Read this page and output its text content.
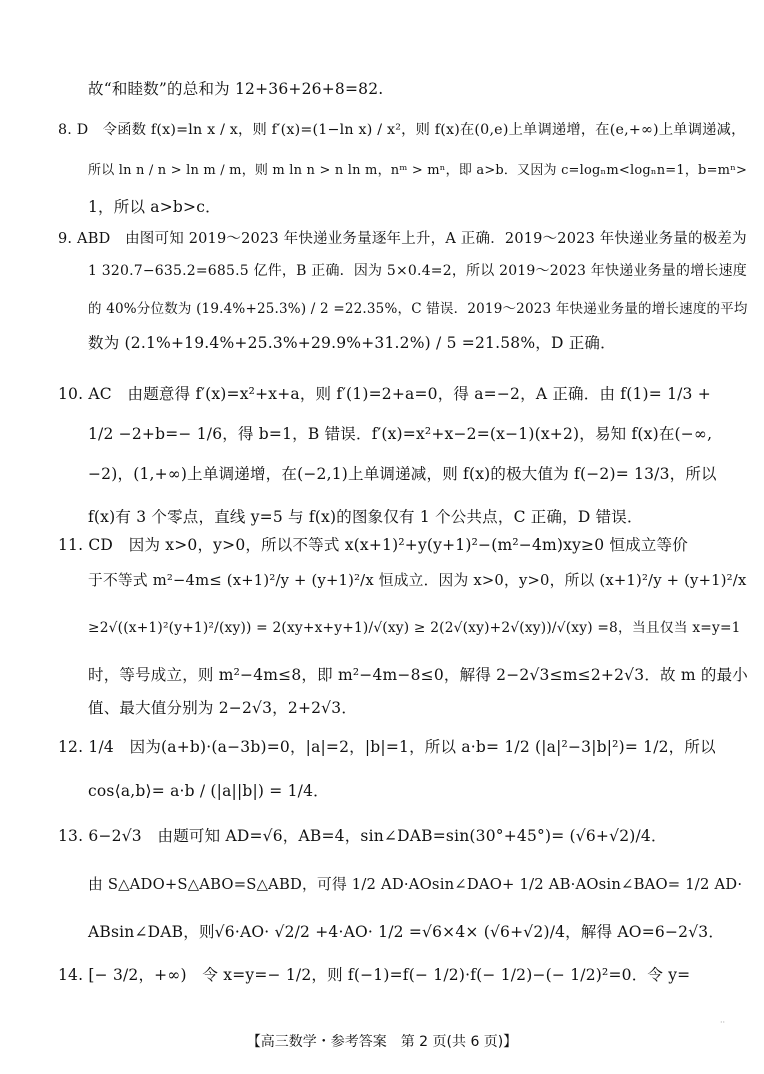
故“和睦数”的总和为 12+36+26+8=82.
8. D　令函数 f(x)=ln x / x，则 f′(x)=(1−ln x) / x²，则 f(x)在(0,e)上单调递增，在(e,+∞)上单调递减，
所以 ln n / n > ln m / m，则 m ln n > n ln m，nᵐ > mⁿ，即 a>b．又因为 c=logₙm<logₙn=1，b=mⁿ>
1，所以 a>b>c．
9. ABD　由图可知 2019～2023 年快递业务量逐年上升，A 正确．2019～2023 年快递业务量的极差为
1 320.7−635.2=685.5 亿件，B 正确．因为 5×0.4=2，所以 2019～2023 年快递业务量的增长速度
的 40%分位数为 (19.4%+25.3%) / 2 =22.35%，C 错误．2019～2023 年快递业务量的增长速度的平均
数为 (2.1%+19.4%+25.3%+29.9%+31.2%) / 5 =21.58%，D 正确．
10. AC　由题意得 f′(x)=x²+x+a，则 f′(1)=2+a=0，得 a=−2，A 正确．由 f(1)= 1/3 +
1/2 −2+b=− 1/6，得 b=1，B 错误．f′(x)=x²+x−2=(x−1)(x+2)，易知 f(x)在(−∞,
−2)，(1,+∞)上单调递增，在(−2,1)上单调递减，则 f(x)的极大值为 f(−2)= 13/3，所以
f(x)有 3 个零点，直线 y=5 与 f(x)的图象仅有 1 个公共点，C 正确，D 错误．
11. CD　因为 x>0，y>0，所以不等式 x(x+1)²+y(y+1)²−(m²−4m)xy≥0 恒成立等价
于不等式 m²−4m≤ (x+1)²/y + (y+1)²/x 恒成立．因为 x>0，y>0，所以 (x+1)²/y + (y+1)²/x
≥2√((x+1)²(y+1)²/(xy)) = 2(xy+x+y+1)/√(xy) ≥ 2(2√(xy)+2√(xy))/√(xy) =8，当且仅当 x=y=1
时，等号成立，则 m²−4m≤8，即 m²−4m−8≤0，解得 2−2√3≤m≤2+2√3．故 m 的最小
值、最大值分别为 2−2√3，2+2√3．
12. 1/4　因为(a+b)·(a−3b)=0，|a|=2，|b|=1，所以 a·b= 1/2 (|a|²−3|b|²)= 1/2，所以
cos⟨a,b⟩= a·b / (|a||b|) = 1/4．
13. 6−2√3　由题可知 AD=√6，AB=4，sin∠DAB=sin(30°+45°)= (√6+√2)/4．
由 S△ADO+S△ABO=S△ABD，可得 1/2 AD·AOsin∠DAO+ 1/2 AB·AOsin∠BAO= 1/2 AD·
ABsin∠DAB，则√6·AO· √2/2 +4·AO· 1/2 =√6×4× (√6+√2)/4，解得 AO=6−2√3．
14. [− 3/2，+∞)　令 x=y=− 1/2，则 f(−1)=f(− 1/2)·f(− 1/2)−(− 1/2)²=0．令 y=
【高三数学・参考答案　第 2 页(共 6 页)】
··
